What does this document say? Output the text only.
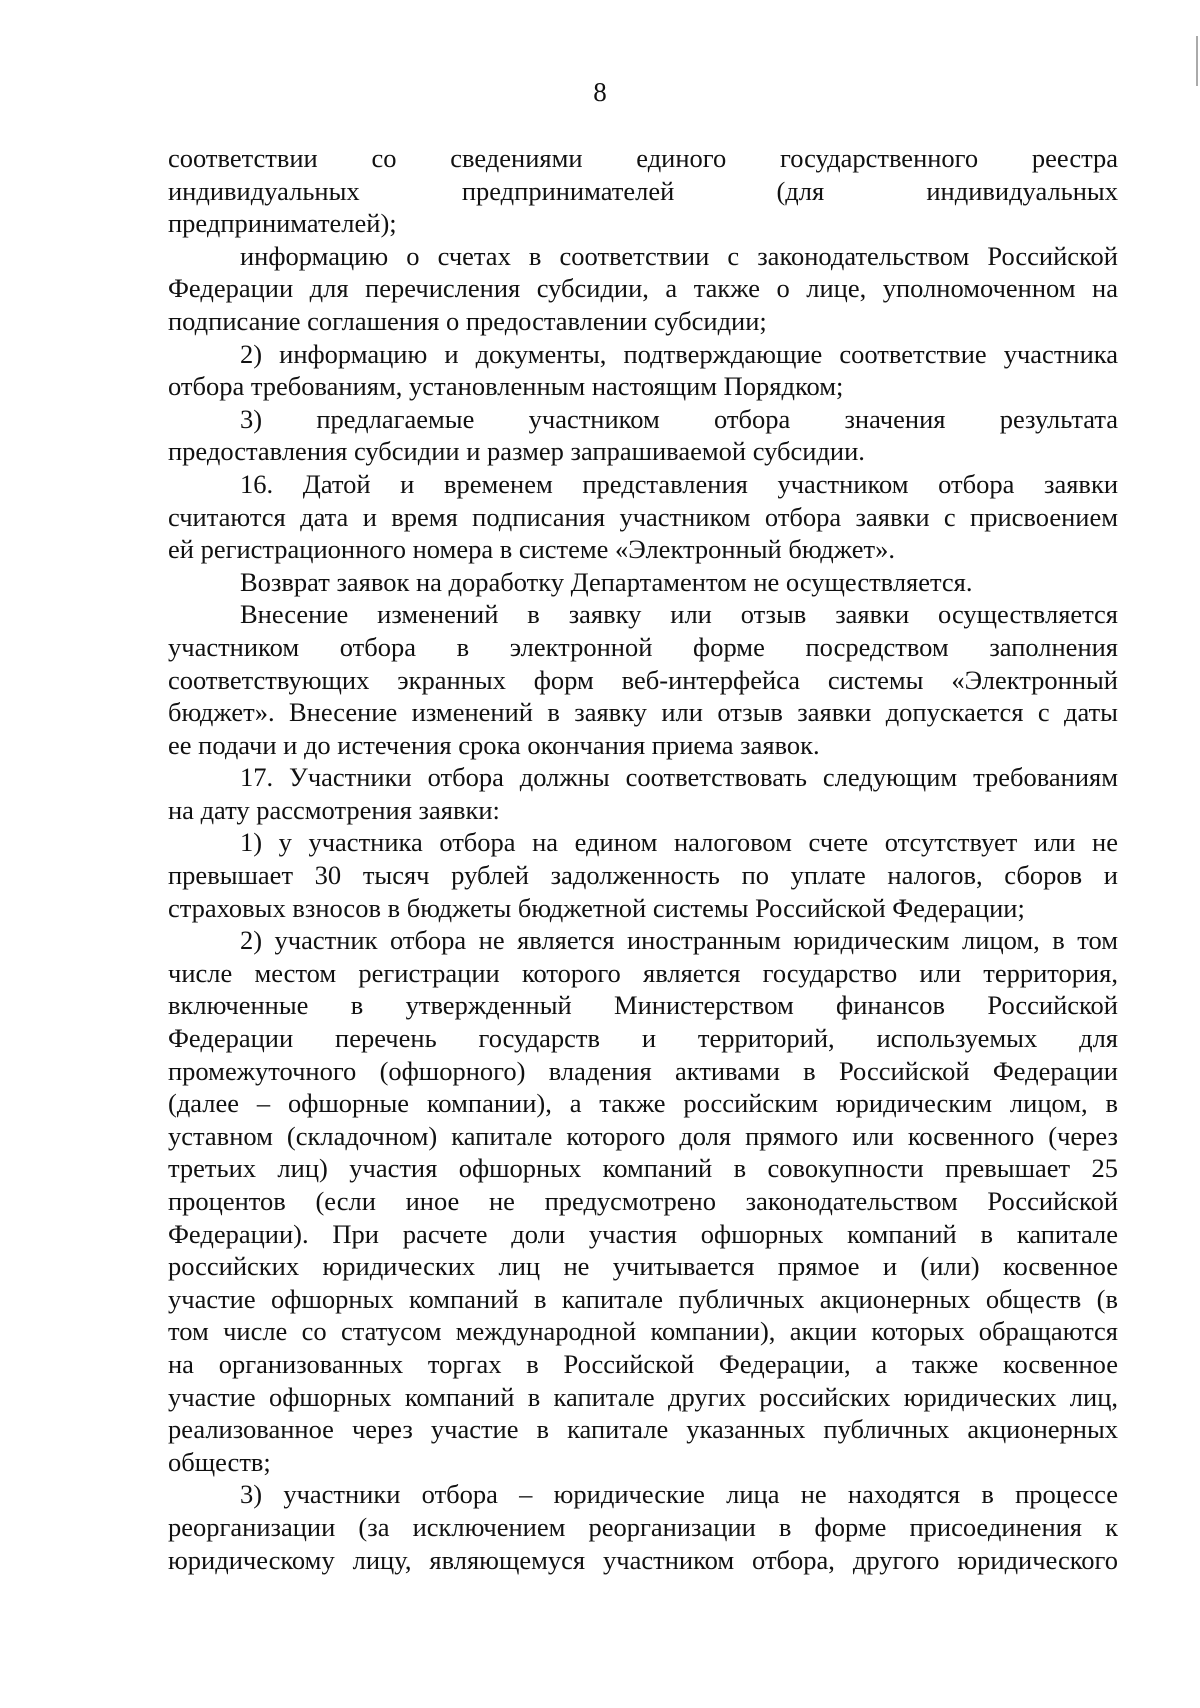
8
соответствии со сведениями единого государственного реестра
индивидуальных предпринимателей (для индивидуальных
предпринимателей);
информацию о счетах в соответствии с законодательством Российской
Федерации для перечисления субсидии, а также о лице, уполномоченном на
подписание соглашения о предоставлении субсидии;
2) информацию и документы, подтверждающие соответствие участника
отбора требованиям, установленным настоящим Порядком;
3) предлагаемые участником отбора значения результата
предоставления субсидии и размер запрашиваемой субсидии.
16. Датой и временем представления участником отбора заявки
считаются дата и время подписания участником отбора заявки с присвоением
ей регистрационного номера в системе «Электронный бюджет».
Возврат заявок на доработку Департаментом не осуществляется.
Внесение изменений в заявку или отзыв заявки осуществляется
участником отбора в электронной форме посредством заполнения
соответствующих экранных форм веб-интерфейса системы «Электронный
бюджет». Внесение изменений в заявку или отзыв заявки допускается с даты
ее подачи и до истечения срока окончания приема заявок.
17. Участники отбора должны соответствовать следующим требованиям
на дату рассмотрения заявки:
1) у участника отбора на едином налоговом счете отсутствует или не
превышает 30 тысяч рублей задолженность по уплате налогов, сборов и
страховых взносов в бюджеты бюджетной системы Российской Федерации;
2) участник отбора не является иностранным юридическим лицом, в том
числе местом регистрации которого является государство или территория,
включенные в утвержденный Министерством финансов Российской
Федерации перечень государств и территорий, используемых для
промежуточного (офшорного) владения активами в Российской Федерации
(далее – офшорные компании), а также российским юридическим лицом, в
уставном (складочном) капитале которого доля прямого или косвенного (через
третьих лиц) участия офшорных компаний в совокупности превышает 25
процентов (если иное не предусмотрено законодательством Российской
Федерации). При расчете доли участия офшорных компаний в капитале
российских юридических лиц не учитывается прямое и (или) косвенное
участие офшорных компаний в капитале публичных акционерных обществ (в
том числе со статусом международной компании), акции которых обращаются
на организованных торгах в Российской Федерации, а также косвенное
участие офшорных компаний в капитале других российских юридических лиц,
реализованное через участие в капитале указанных публичных акционерных
обществ;
3) участники отбора – юридические лица не находятся в процессе
реорганизации (за исключением реорганизации в форме присоединения к
юридическому лицу, являющемуся участником отбора, другого юридического
